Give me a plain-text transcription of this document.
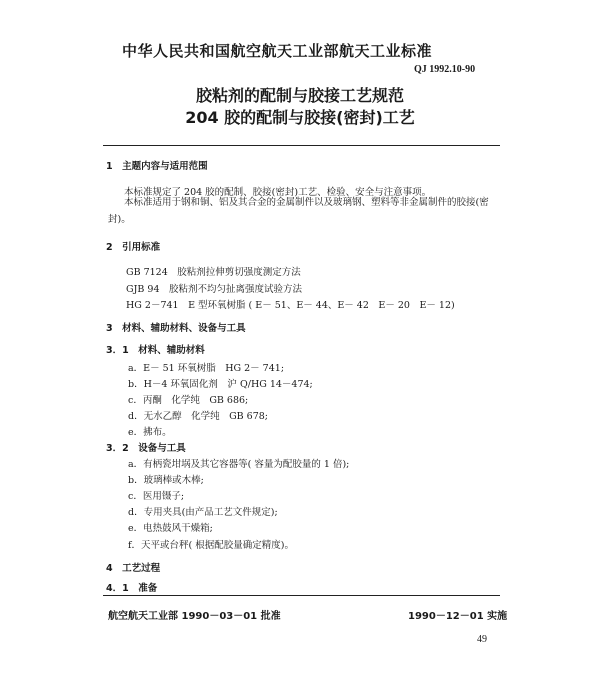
中华人民共和国航空航天工业部航天工业标准
QJ 1992.10-90
胶粘剂的配制与胶接工艺规范
204 胶的配制与胶接(密封)工艺
1　主题内容与适用范围
本标准规定了 204 胶的配制、胶接(密封)工艺、检验、安全与注意事项。
本标准适用于钢和铜、铝及其合金的金属制件以及玻璃钢、塑料等非金属制件的胶接(密封)。
2　引用标准
GB 7124　胶粘剂拉伸剪切强度测定方法
GJB 94　胶粘剂不均匀扯离强度试验方法
HG 2－741　E 型环氧树脂 ( E－ 51、E－ 44、E－ 42　E－ 20　E－ 12)
3　材料、辅助材料、设备与工具
3．1　材料、辅助材料
a．E－ 51 环氧树脂　HG 2－ 741;
b．H－4 环氧固化剂　沪 Q/HG 14－474;
c．丙酮　化学纯　GB 686;
d．无水乙醇　化学纯　GB 678;
e．拂布。
3．2　设备与工具
a．有柄瓷坩埚及其它容器等( 容量为配胶量的 1 倍);
b．玻璃棒或木棒;
c．医用镊子;
d．专用夹具(由产品工艺文件规定);
e．电热鼓风干燥箱;
f．天平或台秤( 根据配胶量确定精度)。
4　工艺过程
4．1　准备
航空航天工业部 1990－03－01 批准	1990－12－01 实施
49
